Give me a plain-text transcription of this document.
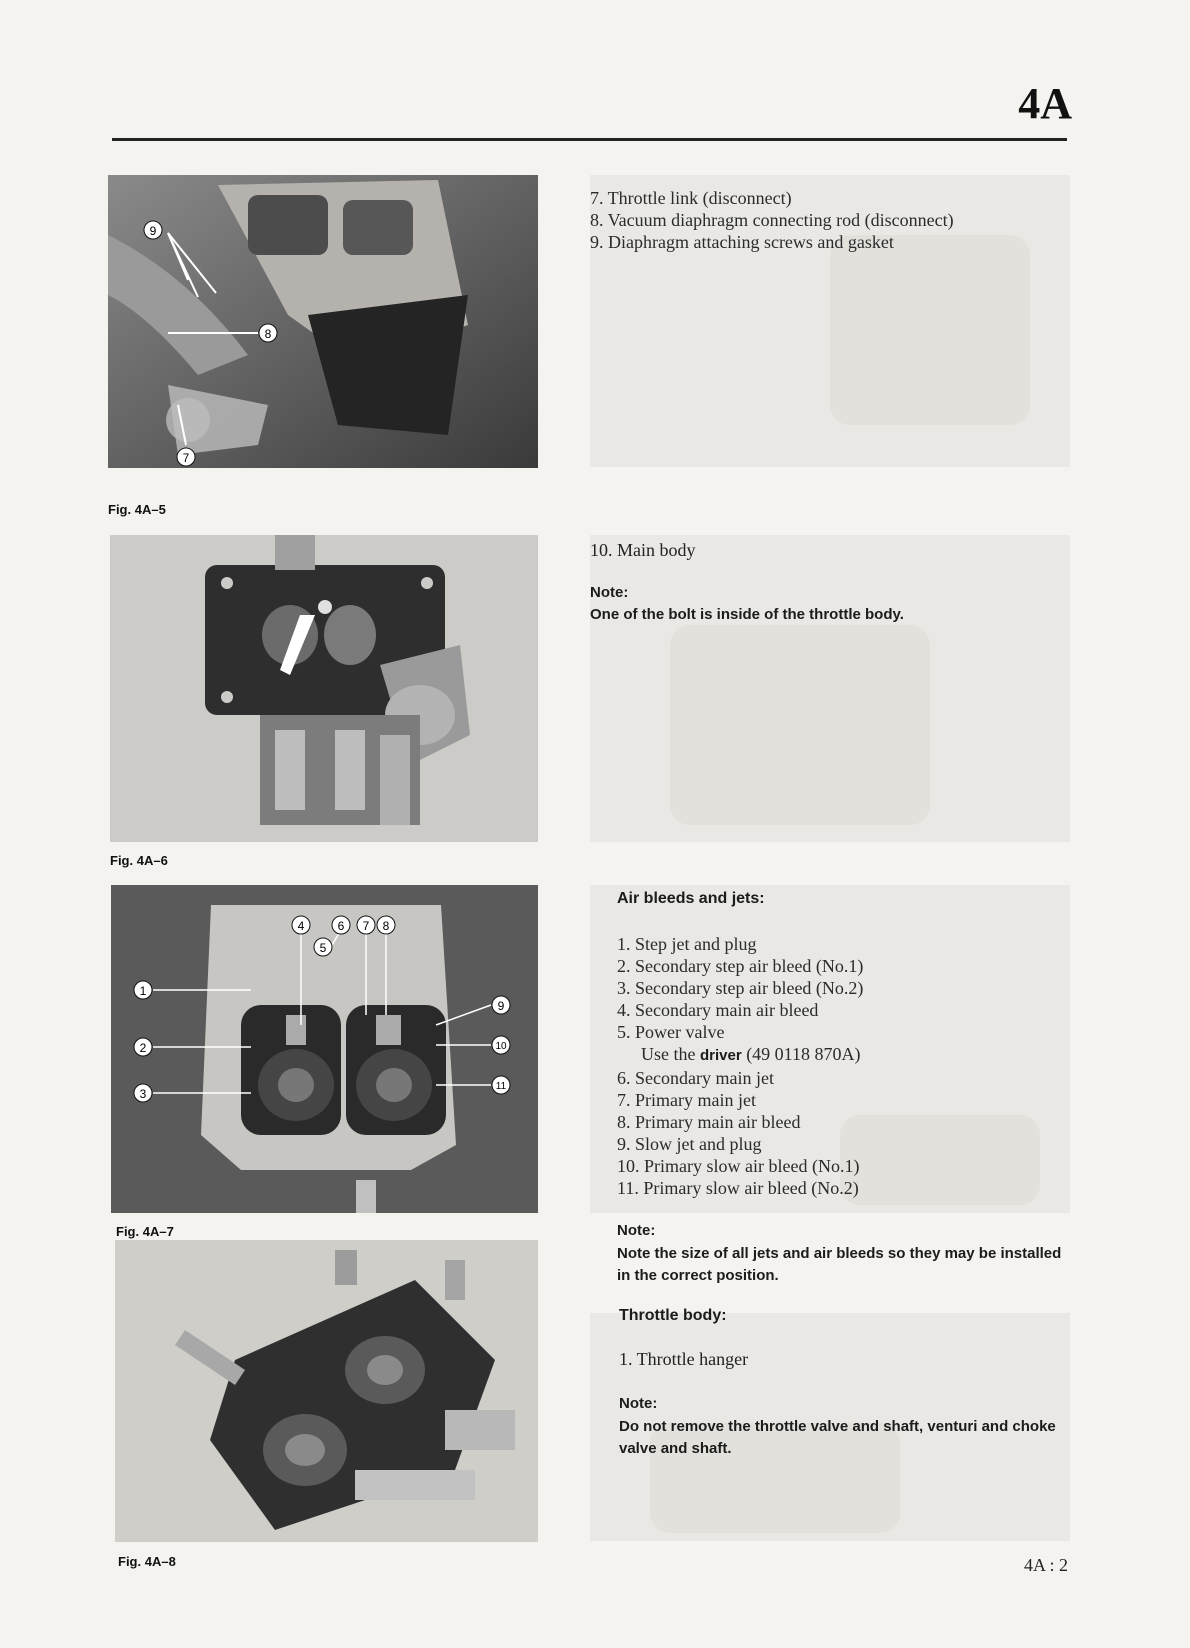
4A
9
8
7
Fig. 4A–5
7. Throttle link (disconnect)
8. Vacuum diaphragm connecting rod (disconnect)
9. Diaphragm attaching screws and gasket
Fig. 4A–6
10. Main body
Note:
One of the bolt is inside of the throttle body.
1
2
3
4
5
6 7 8
9
10
11
Fig. 4A–7
Air bleeds and jets:
1. Step jet and plug
2. Secondary step air bleed (No.1)
3. Secondary step air bleed (No.2)
4. Secondary main air bleed
5. Power valve
Use the driver (49 0118 870A)
6. Secondary main jet
7. Primary main jet
8. Primary main air bleed
9. Slow jet and plug
10. Primary slow air bleed (No.1)
11. Primary slow air bleed (No.2)
Note:
Note the size of all jets and air bleeds so they may be installed in the correct position.
Fig. 4A–8
Throttle body:
1. Throttle hanger
Note:
Do not remove the throttle valve and shaft, venturi and choke valve and shaft.
4A : 2
